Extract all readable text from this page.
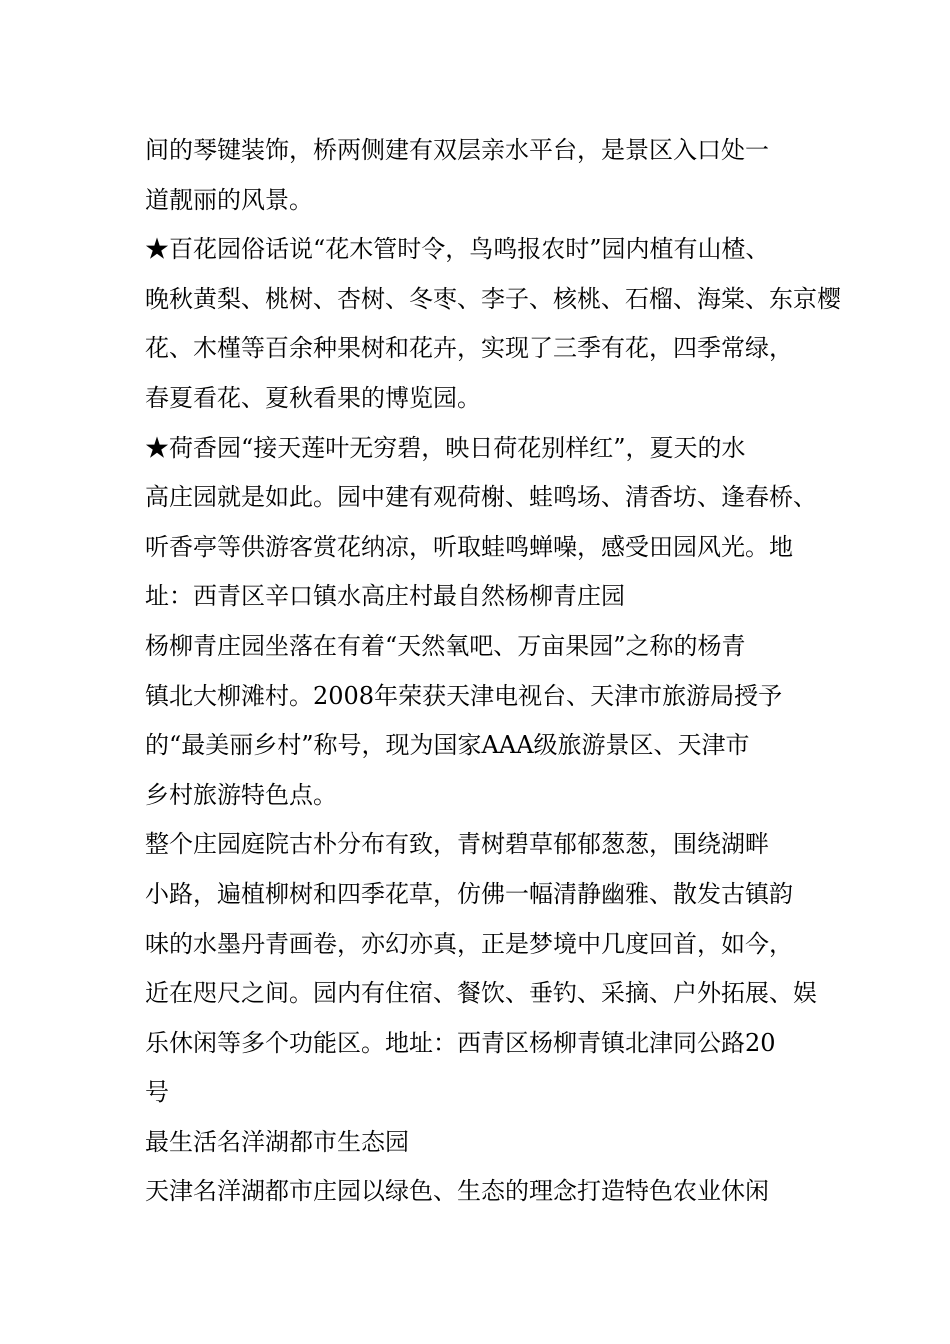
间的琴键装饰，桥两侧建有双层亲水平台，是景区入口处一
道靓丽的风景。
★百花园俗话说“花木管时令，鸟鸣报农时”园内植有山楂、
晚秋黄梨、桃树、杏树、冬枣、李子、核桃、石榴、海棠、东京樱
花、木槿等百余种果树和花卉，实现了三季有花，四季常绿，
春夏看花、夏秋看果的博览园。
★荷香园“接天莲叶无穷碧，映日荷花别样红”，夏天的水
高庄园就是如此。园中建有观荷榭、蛙鸣场、清香坊、逢春桥、
听香亭等供游客赏花纳凉，听取蛙鸣蝉噪，感受田园风光。地
址：西青区辛口镇水高庄村最自然杨柳青庄园
杨柳青庄园坐落在有着“天然氧吧、万亩果园”之称的杨青
镇北大柳滩村。2008年荣获天津电视台、天津市旅游局授予
的“最美丽乡村”称号，现为国家AAA级旅游景区、天津市
乡村旅游特色点。
整个庄园庭院古朴分布有致，青树碧草郁郁葱葱，围绕湖畔
小路，遍植柳树和四季花草，仿佛一幅清静幽雅、散发古镇韵
味的水墨丹青画卷，亦幻亦真，正是梦境中几度回首，如今，
近在咫尺之间。园内有住宿、餐饮、垂钓、采摘、户外拓展、娱
乐休闲等多个功能区。地址：西青区杨柳青镇北津同公路20
号
最生活名洋湖都市生态园
天津名洋湖都市庄园以绿色、生态的理念打造特色农业休闲
